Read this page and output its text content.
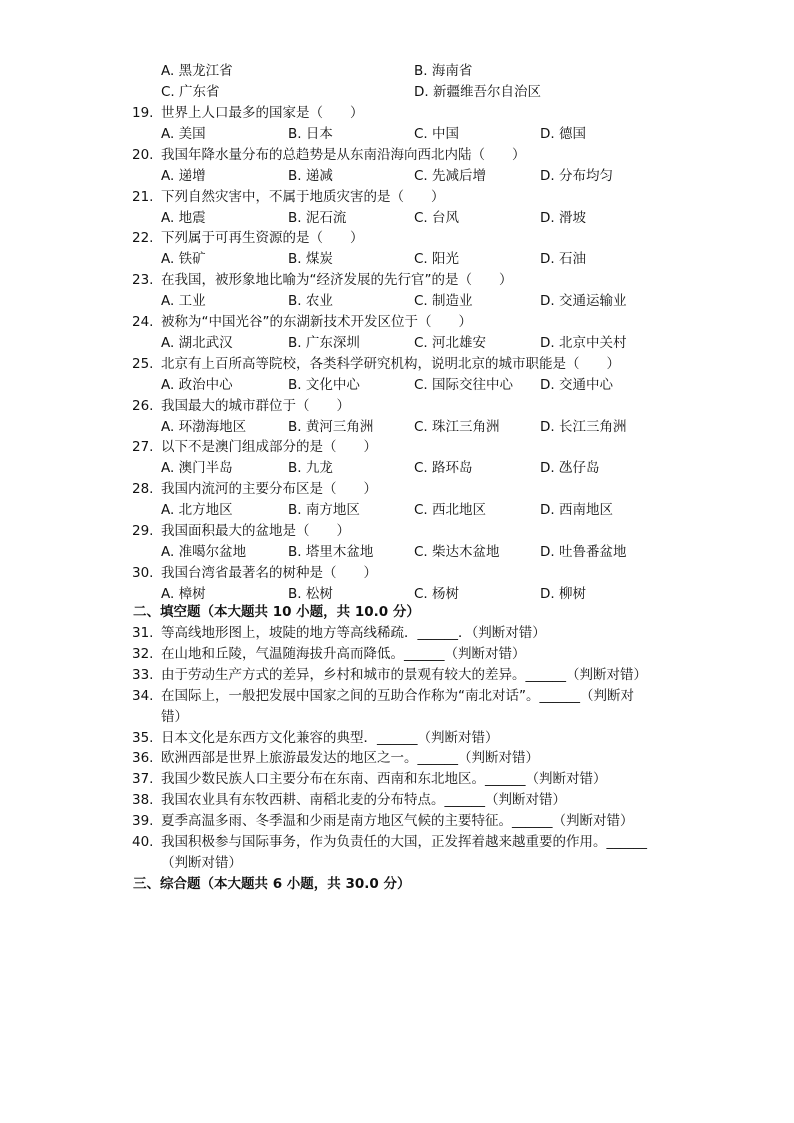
A. 黑龙江省	B. 海南省
C. 广东省	D. 新疆维吾尔自治区
19. 世界上人口最多的国家是（　　）
A. 美国	B. 日本	C. 中国	D. 德国
20. 我国年降水量分布的总趋势是从东南沿海向西北内陆（　　）
A. 递增	B. 递减	C. 先减后增	D. 分布均匀
21. 下列自然灾害中，不属于地质灾害的是（　　）
A. 地震	B. 泥石流	C. 台风	D. 滑坡
22. 下列属于可再生资源的是（　　）
A. 铁矿	B. 煤炭	C. 阳光	D. 石油
23. 在我国，被形象地比喻为“经济发展的先行官”的是（　　）
A. 工业	B. 农业	C. 制造业	D. 交通运输业
24. 被称为“中国光谷”的东湖新技术开发区位于（　　）
A. 湖北武汉	B. 广东深圳	C. 河北雄安	D. 北京中关村
25. 北京有上百所高等院校，各类科学研究机构，说明北京的城市职能是（　　）
A. 政治中心	B. 文化中心	C. 国际交往中心 D. 交通中心
26. 我国最大的城市群位于（　　）
A. 环渤海地区	B. 黄河三角洲	C. 珠江三角洲	D. 长江三角洲
27. 以下不是澳门组成部分的是（　　）
A. 澳门半岛	B. 九龙	C. 路环岛	D. 氹仔岛
28. 我国内流河的主要分布区是（　　）
A. 北方地区	B. 南方地区	C. 西北地区	D. 西南地区
29. 我国面积最大的盆地是（　　）
A. 准噶尔盆地	B. 塔里木盆地	C. 柴达木盆地	D. 吐鲁番盆地
30. 我国台湾省最著名的树种是（　　）
A. 樟树	B. 松树	C. 杨树	D. 柳树
二、填空题（本大题共 10 小题，共 10.0 分）
31. 等高线地形图上，坡陡的地方等高线稀疏．______．（判断对错）
32. 在山地和丘陵，气温随海拔升高而降低。______（判断对错）
33. 由于劳动生产方式的差异，乡村和城市的景观有较大的差异。______（判断对错）
34. 在国际上，一般把发展中国家之间的互助合作称为“南北对话”。______（判断对
错）
35. 日本文化是东西方文化兼容的典型．______（判断对错）
36. 欧洲西部是世界上旅游最发达的地区之一。______（判断对错）
37. 我国少数民族人口主要分布在东南、西南和东北地区。______（判断对错）
38. 我国农业具有东牧西耕、南稻北麦的分布特点。______（判断对错）
39. 夏季高温多雨、冬季温和少雨是南方地区气候的主要特征。______（判断对错）
40. 我国积极参与国际事务，作为负责任的大国，正发挥着越来越重要的作用。______
（判断对错）
三、综合题（本大题共 6 小题，共 30.0 分）
